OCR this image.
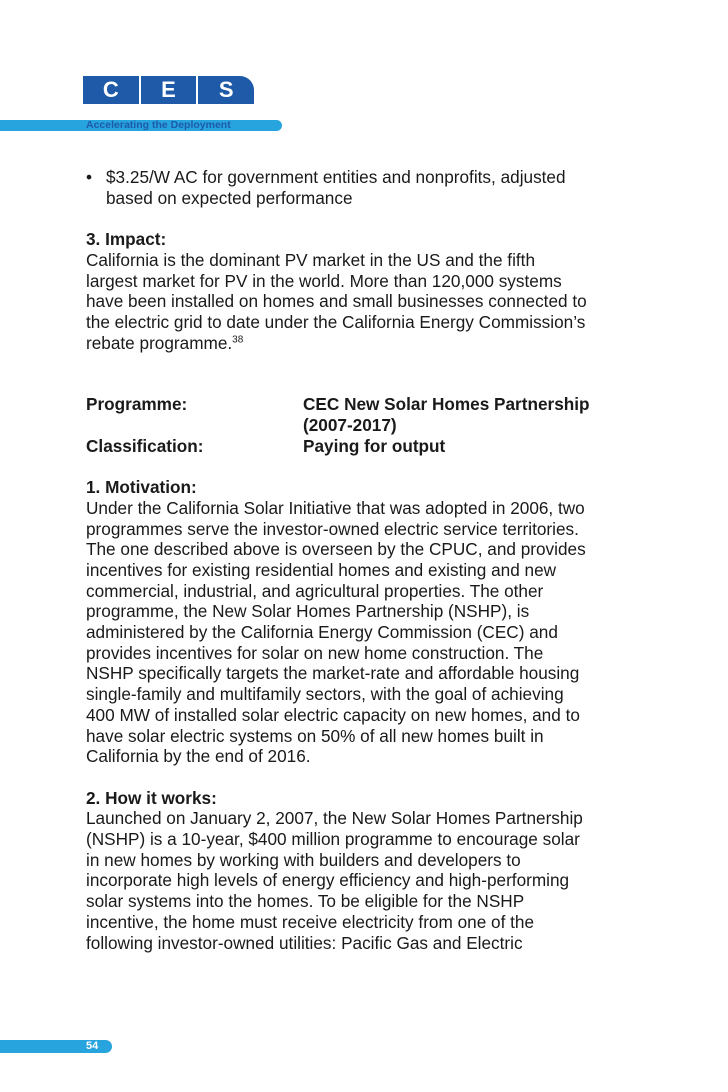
C	E	S
Accelerating the Deployment
• $3.25/W AC for government entities and nonprofits, adjusted
based on expected performance
3. Impact:
California is the dominant PV market in the US and the fifth
largest market for PV in the world. More than 120,000 systems
have been installed on homes and small businesses connected to
the electric grid to date under the California Energy Commission’s
rebate programme.$^{38}$
Programme:	CEC New Solar Homes Partnership
(2007-2017)
Classification:	Paying for output
1. Motivation:
Under the California Solar Initiative that was adopted in 2006, two
programmes serve the investor-owned electric service territories.
The one described above is overseen by the CPUC, and provides
incentives for existing residential homes and existing and new
commercial, industrial, and agricultural properties. The other
programme, the New Solar Homes Partnership (NSHP), is
administered by the California Energy Commission (CEC) and
provides incentives for solar on new home construction. The
NSHP specifically targets the market-rate and affordable housing
single-family and multifamily sectors, with the goal of achieving
400 MW of installed solar electric capacity on new homes, and to
have solar electric systems on 50% of all new homes built in
California by the end of 2016.
2. How it works:
Launched on January 2, 2007, the New Solar Homes Partnership
(NSHP) is a 10-year, $400 million programme to encourage solar
in new homes by working with builders and developers to
incorporate high levels of energy efficiency and high-performing
solar systems into the homes. To be eligible for the NSHP
incentive, the home must receive electricity from one of the
following investor-owned utilities: Pacific Gas and Electric
54
